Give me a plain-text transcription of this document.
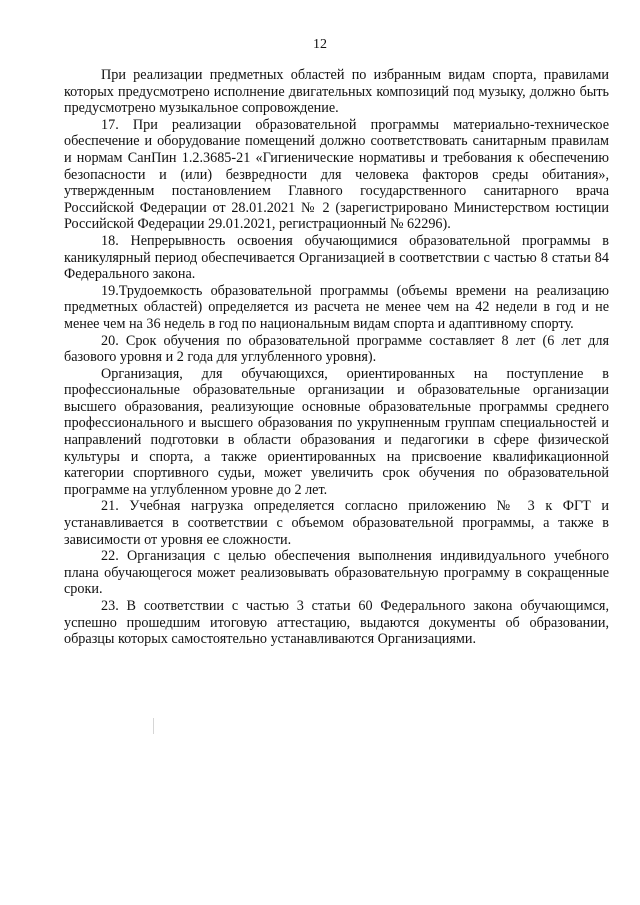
12

При реализации предметных областей по избранным видам спорта, правилами которых предусмотрено исполнение двигательных композиций под музыку, должно быть предусмотрено музыкальное сопровождение.

17. При реализации образовательной программы материально-техническое обеспечение и оборудование помещений должно соответствовать санитарным правилам и нормам СанПин 1.2.3685-21 «Гигиенические нормативы и требования к обеспечению безопасности и (или) безвредности для человека факторов среды обитания», утвержденным постановлением Главного государственного санитарного врача Российской Федерации от 28.01.2021 № 2 (зарегистрировано Министерством юстиции Российской Федерации 29.01.2021, регистрационный № 62296).

18. Непрерывность освоения обучающимися образовательной программы в каникулярный период обеспечивается Организацией в соответствии с частью 8 статьи 84 Федерального закона.

19.Трудоемкость образовательной программы (объемы времени на реализацию предметных областей) определяется из расчета не менее чем на 42 недели в год и не менее чем на 36 недель в год по национальным видам спорта и адаптивному спорту.

20. Срок обучения по образовательной программе составляет 8 лет (6 лет для базового уровня и 2 года для углубленного уровня).

Организация, для обучающихся, ориентированных на поступление в профессиональные образовательные организации и образовательные организации высшего образования, реализующие основные образовательные программы среднего профессионального и высшего образования по укрупненным группам специальностей и направлений подготовки в области образования и педагогики в сфере физической культуры и спорта, а также ориентированных на присвоение квалификационной категории спортивного судьи, может увеличить срок обучения по образовательной программе на углубленном уровне до 2 лет.

21. Учебная нагрузка определяется согласно приложению № 3 к ФГТ и устанавливается в соответствии с объемом образовательной программы, а также в зависимости от уровня ее сложности.

22. Организация с целью обеспечения выполнения индивидуального учебного плана обучающегося может реализовывать образовательную программу в сокращенные сроки.

23. В соответствии с частью 3 статьи 60 Федерального закона обучающимся, успешно прошедшим итоговую аттестацию, выдаются документы об образовании, образцы которых самостоятельно устанавливаются Организациями.
